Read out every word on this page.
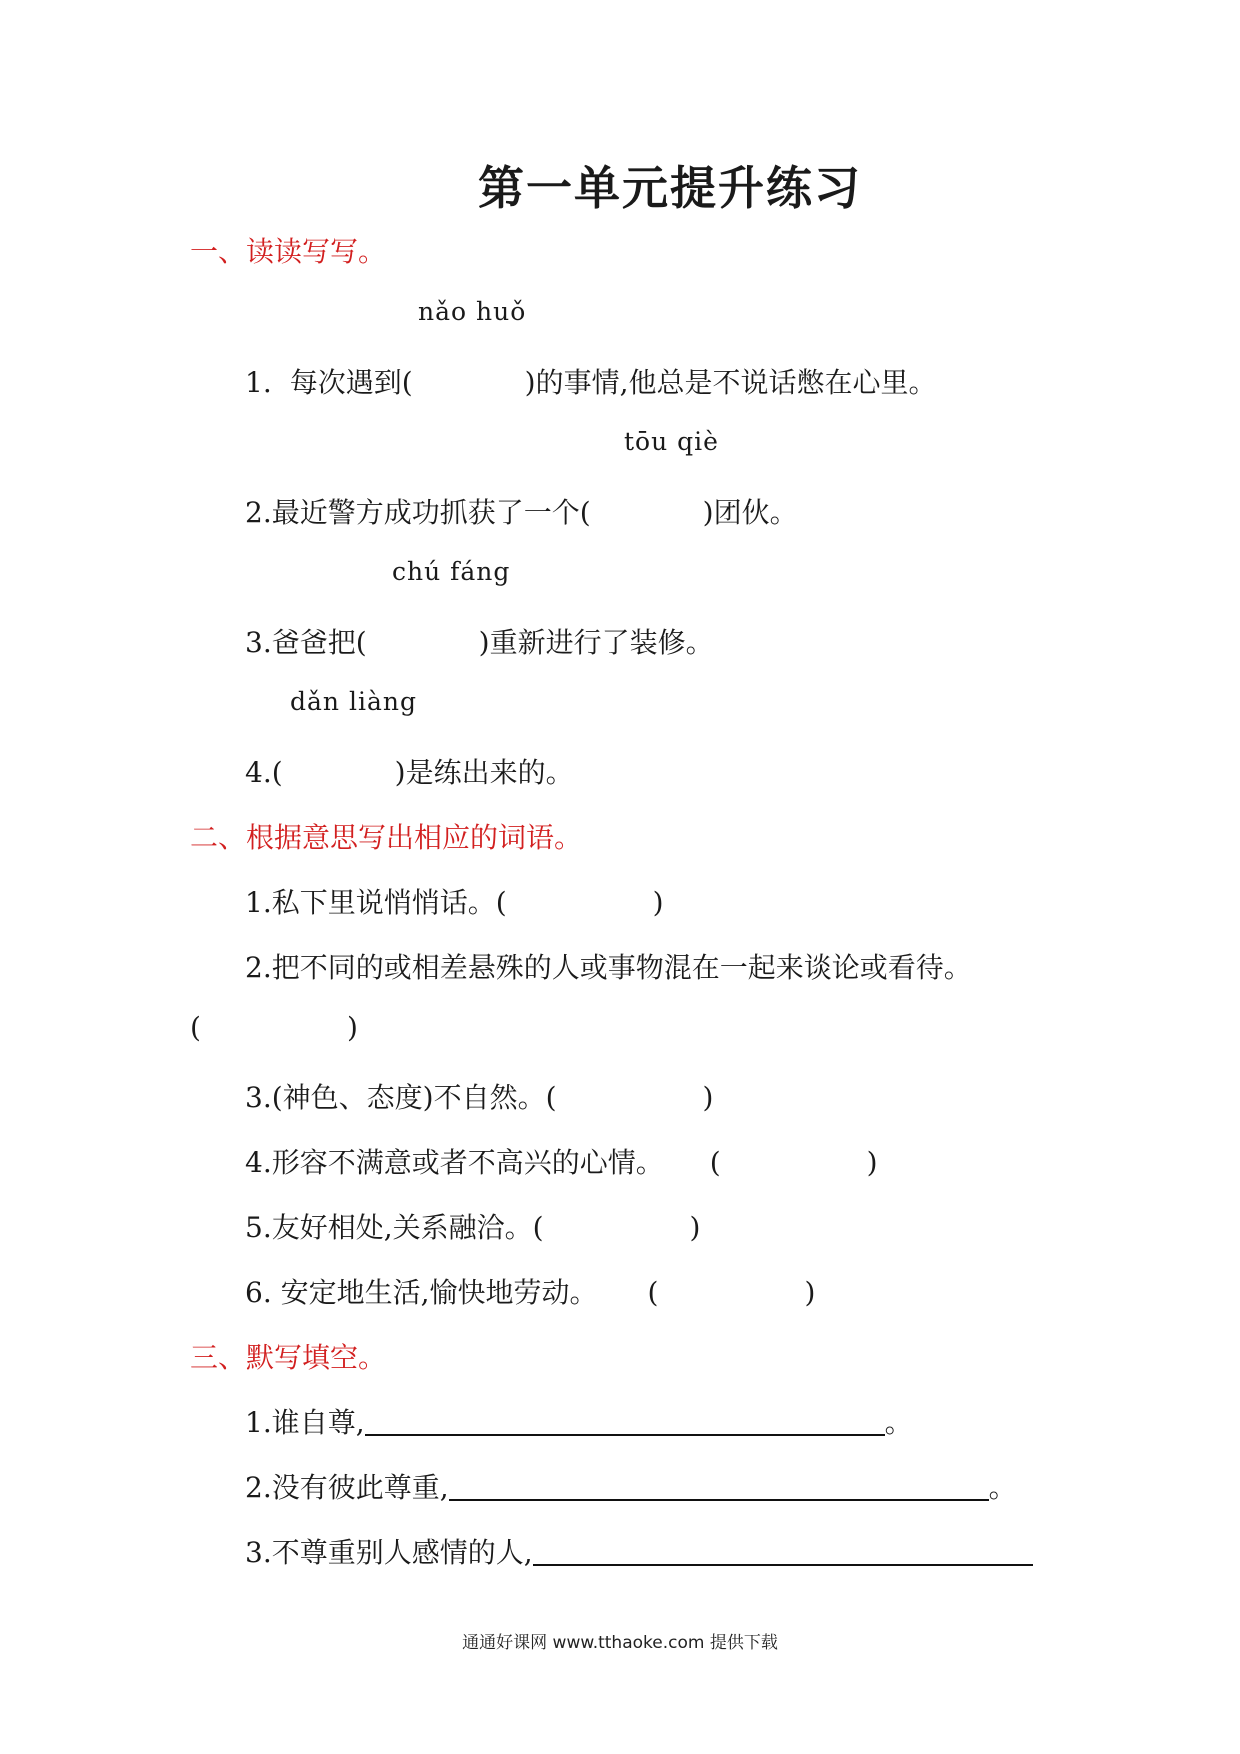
第一单元提升练习
一、读读写写。
nǎo huǒ
1. 每次遇到(	)的事情,他总是不说话憋在心里。
tōu qiè
2.最近警方成功抓获了一个(	)团伙。
chú fáng
3.爸爸把(	)重新进行了装修。
dǎn liàng
4.(	)是练出来的。
二、根据意思写出相应的词语。
1.私下里说悄悄话。(	)
2.把不同的或相差悬殊的人或事物混在一起来谈论或看待。
(	)
3.(神色、态度)不自然。(	)
4.形容不满意或者不高兴的心情。 (	)
5.友好相处,关系融洽。(	)
6. 安定地生活,愉快地劳动。 (	)
三、默写填空。
1.谁自尊,	。
2.没有彼此尊重,	。
3.不尊重别人感情的人,
通通好课网 www.tthaoke.com 提供下载
